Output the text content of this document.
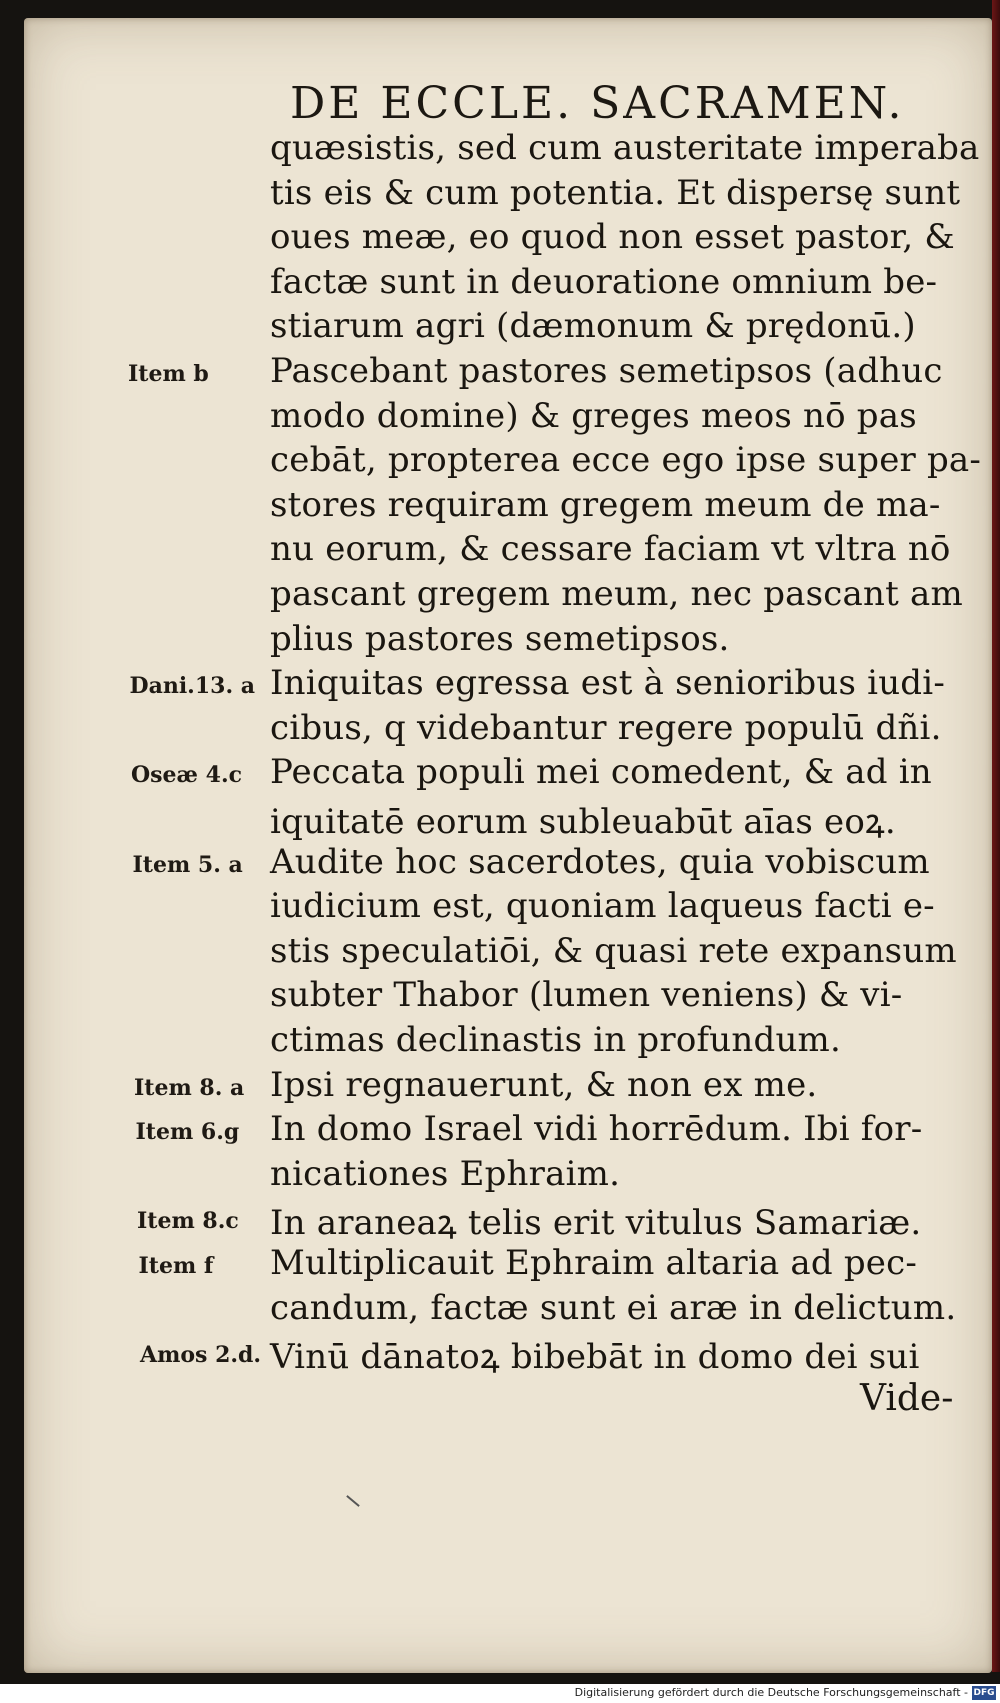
DE ECCLE. SACRAMEN.
quæsistis, sed cum austeritate imperaba
tis eis & cum potentia. Et dispersę sunt
oues meæ, eo quod non esset pastor, &
factæ sunt in deuoratione omnium be-
stiarum agri (dæmonum & prędonū.)
Pascebant pastores semetipsos (adhuc
modo domine) & greges meos nō pas
cebāt, propterea ecce ego ipse super pa-
stores requiram gregem meum de ma-
nu eorum, & cessare faciam vt vltra nō
pascant gregem meum, nec pascant am
plius pastores semetipsos.
Iniquitas egressa est à senioribus iudi-
cibus, q videbantur regere populū dñi.
Peccata populi mei comedent, & ad in
iquitatē eorum subleuabūt aīas eoꝝ.
Audite hoc sacerdotes, quia vobiscum
iudicium est, quoniam laqueus facti e-
stis speculatiōi, & quasi rete expansum
subter Thabor (lumen veniens) & vi-
ctimas declinastis in profundum.
Ipsi regnauerunt, & non ex me.
In domo Israel vidi horrēdum. Ibi for-
nicationes Ephraim.
In araneaꝝ telis erit vitulus Samariæ.
Multiplicauit Ephraim altaria ad pec-
candum, factæ sunt ei aræ in delictum.
Vinū dānatoꝝ bibebāt in domo dei sui
Item b
Dani.13. a
Oseæ 4.c
Item 5. a
Item 8. a
Item 6.g
Item 8.c
Item f
Amos 2.d.
Vide-
Digitalisierung gefördert durch die Deutsche Forschungsgemeinschaft - DFG
